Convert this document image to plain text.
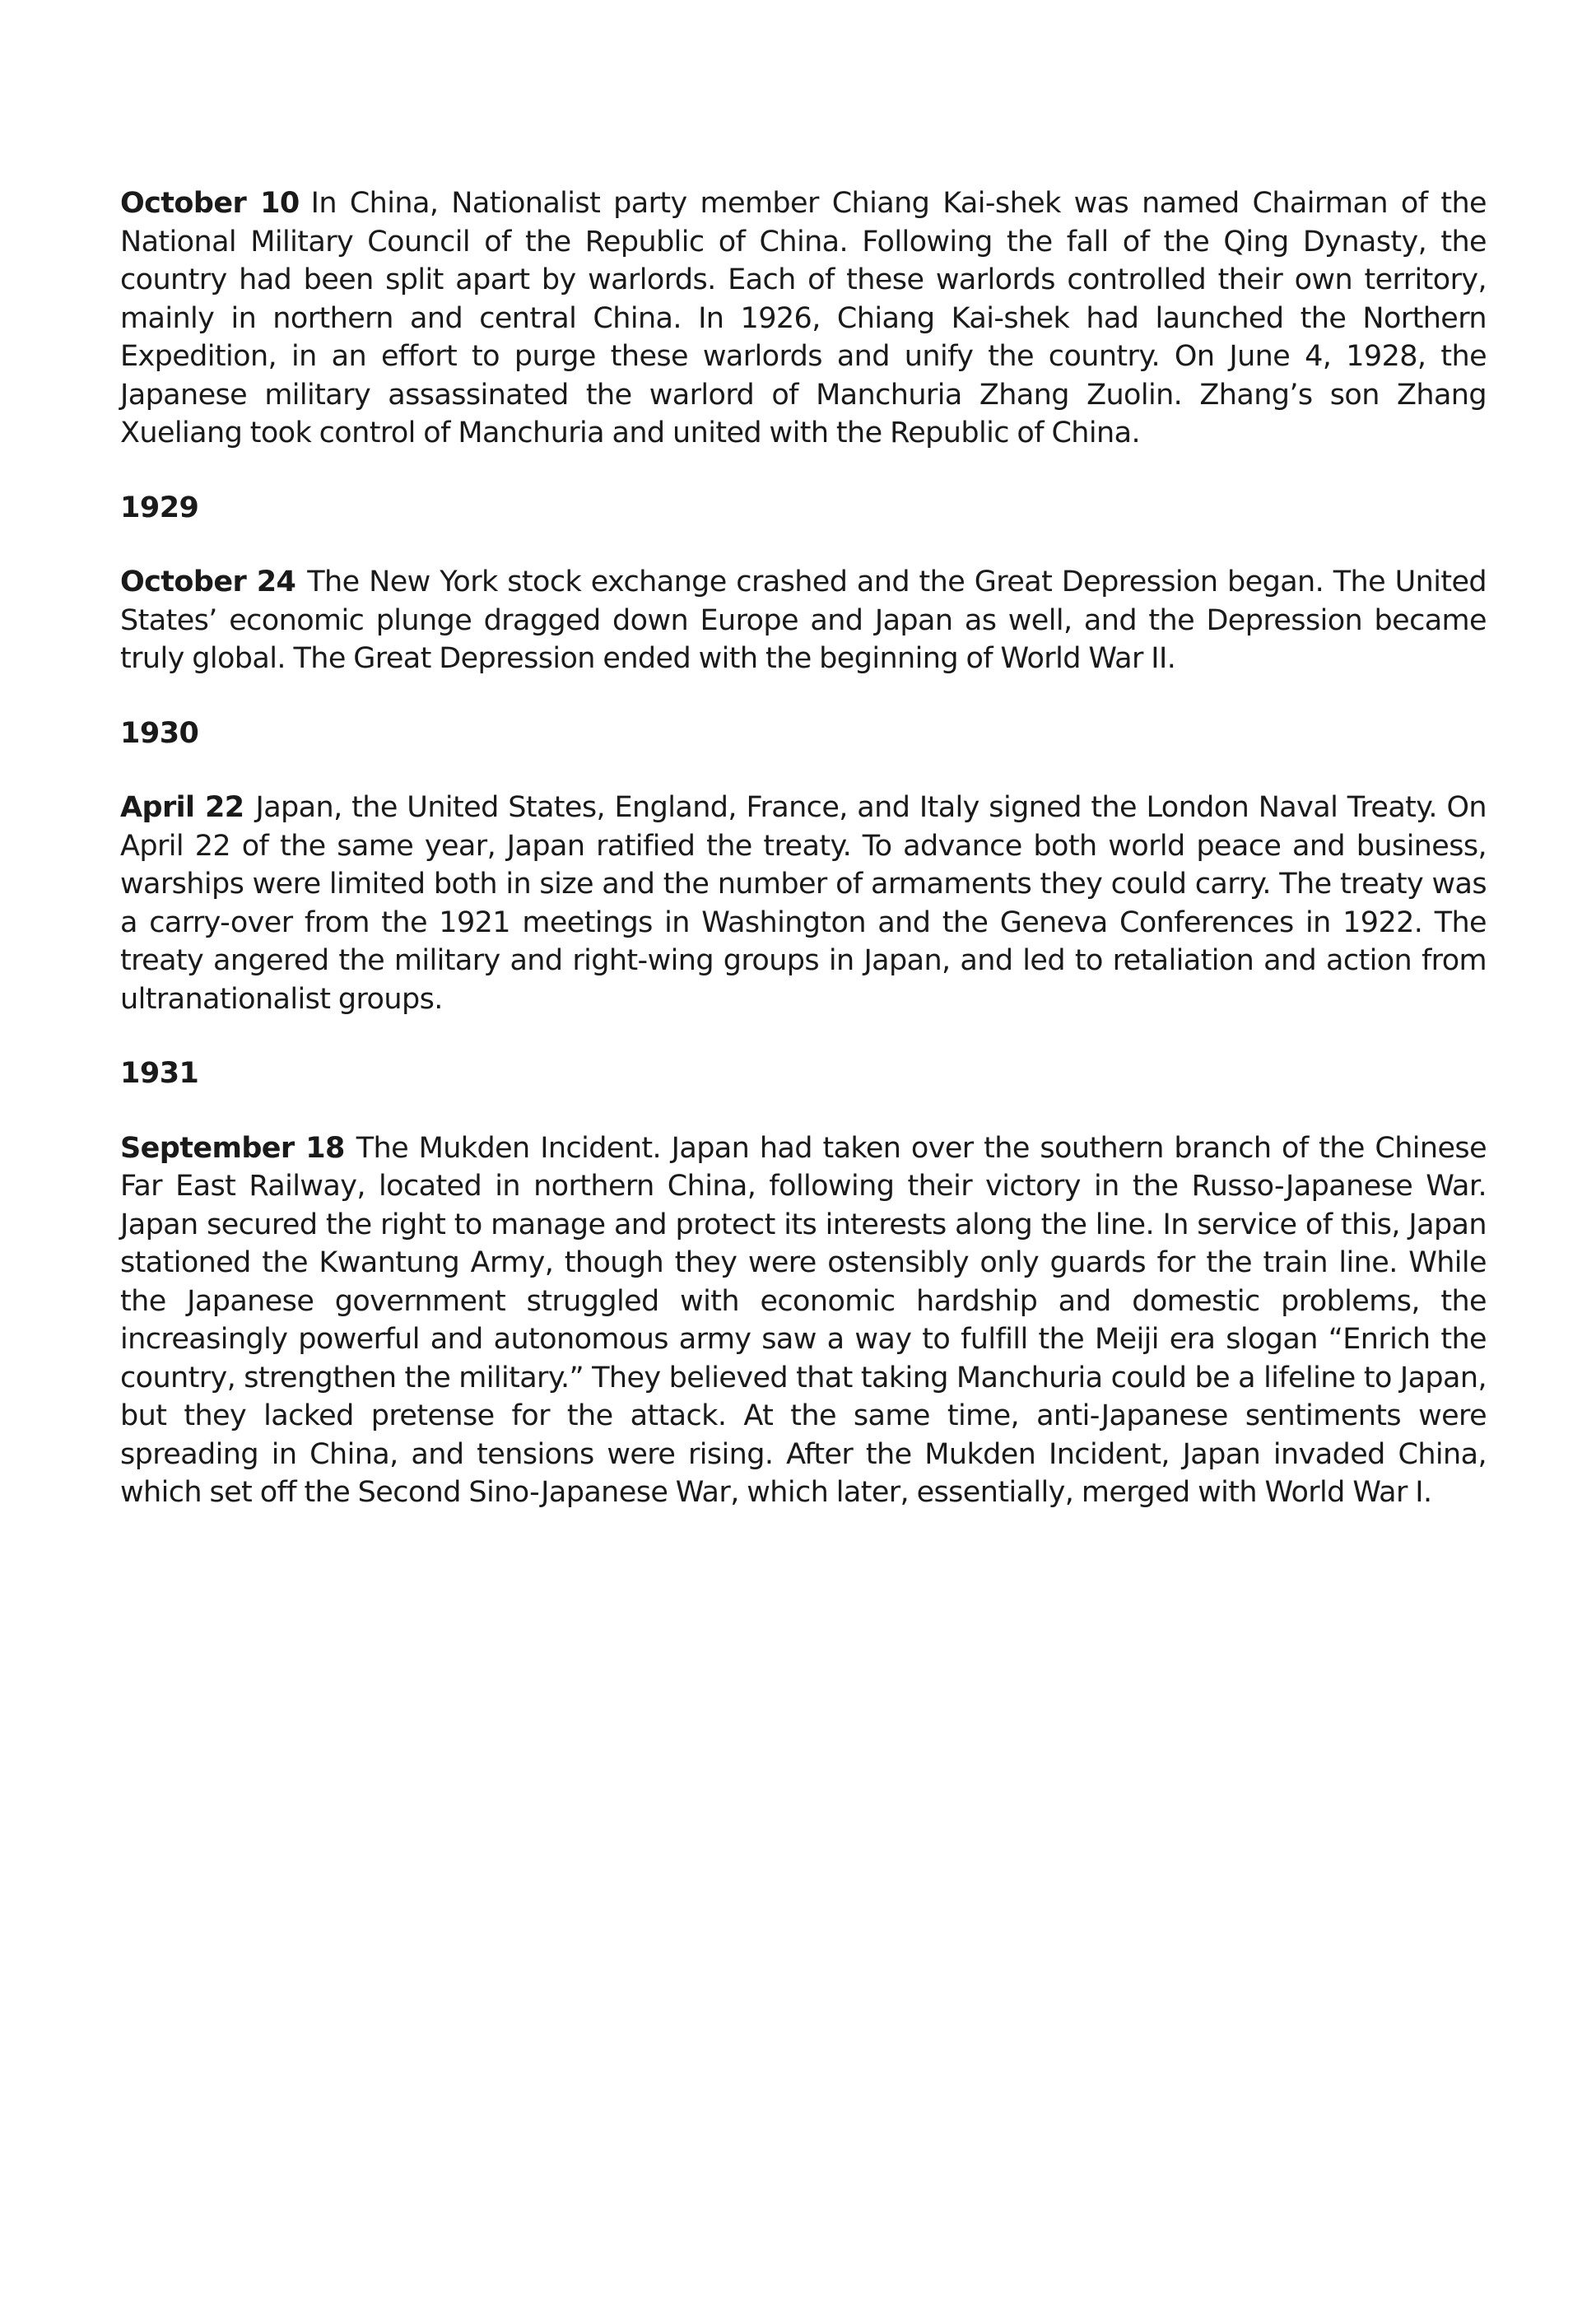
October 10 In China, Nationalist party member Chiang Kai-shek was named Chairman of the National Military Council of the Republic of China. Following the fall of the Qing Dynasty, the country had been split apart by warlords. Each of these warlords controlled their own territory, mainly in northern and central China. In 1926, Chiang Kai-shek had launched the Northern Expedition, in an effort to purge these warlords and unify the country. On June 4, 1928, the Japanese military assassinated the warlord of Manchuria Zhang Zuolin. Zhang’s son Zhang Xueliang took control of Manchuria and united with the Republic of China.

1929

October 24 The New York stock exchange crashed and the Great Depression began. The United States’ economic plunge dragged down Europe and Japan as well, and the Depression became truly global. The Great Depression ended with the beginning of World War II.

1930

April 22 Japan, the United States, England, France, and Italy signed the London Naval Treaty. On April 22 of the same year, Japan ratified the treaty. To advance both world peace and business, warships were limited both in size and the number of armaments they could carry. The treaty was a carry-over from the 1921 meetings in Washington and the Geneva Conferences in 1922. The treaty angered the military and right-wing groups in Japan, and led to retaliation and action from ultranationalist groups.

1931

September 18 The Mukden Incident. Japan had taken over the southern branch of the Chinese Far East Railway, located in northern China, following their victory in the Russo-Japanese War. Japan secured the right to manage and protect its interests along the line. In service of this, Japan stationed the Kwantung Army, though they were ostensibly only guards for the train line. While the Japanese government struggled with economic hardship and domestic problems, the increasingly powerful and autonomous army saw a way to fulfill the Meiji era slogan “Enrich the country, strengthen the military.” They believed that taking Manchuria could be a lifeline to Japan, but they lacked pretense for the attack. At the same time, anti-Japanese sentiments were spreading in China, and tensions were rising. After the Mukden Incident, Japan invaded China, which set off the Second Sino-Japanese War, which later, essentially, merged with World War I.
